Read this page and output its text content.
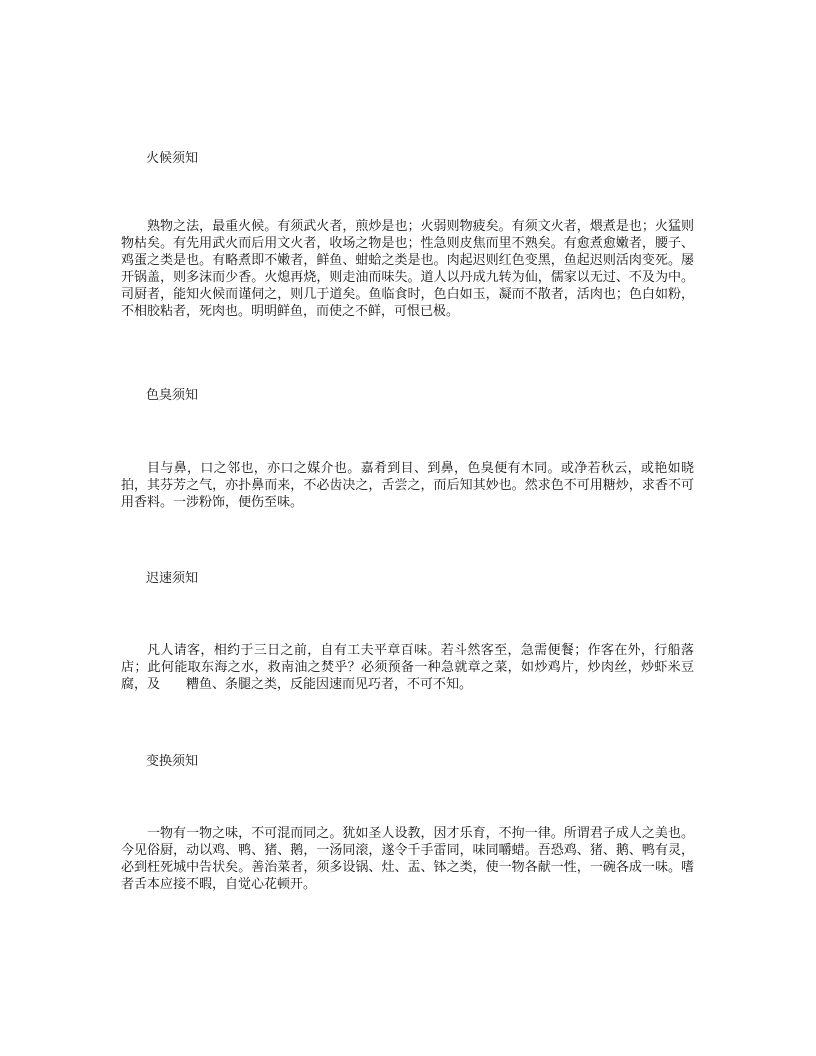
火候须知

熟物之法，最重火候。有须武火者，煎炒是也；火弱则物疲矣。有须文火者，煨煮是也；火猛则物枯矣。有先用武火而后用文火者，收场之物是也；性急则皮焦而里不熟矣。有愈煮愈嫩者，腰子、鸡蛋之类是也。有略煮即不嫩者，鲜鱼、蚶蛤之类是也。肉起迟则红色变黑，鱼起迟则活肉变死。屡开锅盖，则多沫而少香。火熄再烧，则走油而味失。道人以丹成九转为仙，儒家以无过、不及为中。司厨者，能知火候而谨伺之，则几于道矣。鱼临食时，色白如玉，凝而不散者，活肉也；色白如粉，不相胶粘者，死肉也。明明鲜鱼，而使之不鲜，可恨已极。

色臭须知

目与鼻，口之邻也，亦口之媒介也。嘉肴到目、到鼻，色臭便有木同。或净若秋云，或艳如晓拍，其芬芳之气，亦扑鼻而来，不必齿决之，舌尝之，而后知其妙也。然求色不可用糖炒，求香不可用香料。一涉粉饰，便伤至味。

迟速须知

凡人请客，相约于三日之前，自有工夫平章百味。若斗然客至，急需便餐；作客在外，行船落店；此何能取东海之水，救南油之焚乎？必须预备一种急就章之菜，如炒鸡片，炒肉丝，炒虾米豆腐，及 糟鱼、条腿之类，反能因速而见巧者，不可不知。

变换须知

一物有一物之味，不可混而同之。犹如圣人设教，因才乐育，不拘一律。所谓君子成人之美也。今见俗厨，动以鸡、鸭、猪、鹅，一汤同滚，遂令千手雷同，味同嚼蜡。吾恐鸡、猪、鹅、鸭有灵，必到枉死城中告状矣。善治菜者，须多设锅、灶、盂、钵之类，使一物各献一性，一碗各成一味。嗜者舌本应接不暇，自觉心花顿开。
